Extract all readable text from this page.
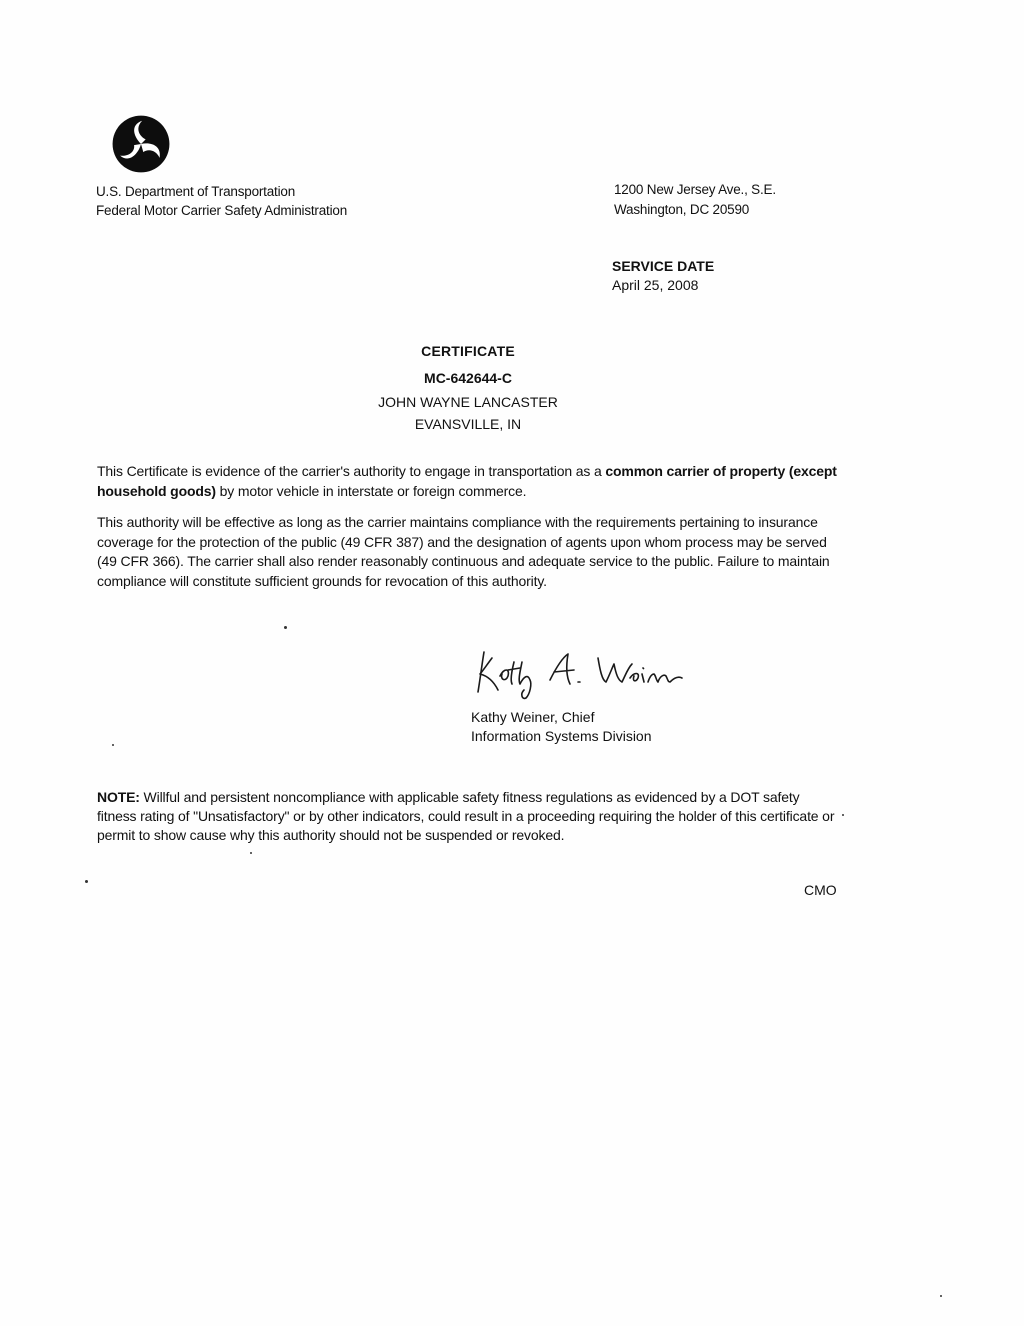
U.S. Department of Transportation
Federal Motor Carrier Safety Administration
1200 New Jersey Ave., S.E.
Washington, DC 20590
SERVICE DATE
April 25, 2008
CERTIFICATE
MC-642644-C
JOHN WAYNE LANCASTER
EVANSVILLE, IN
This Certificate is evidence of the carrier's authority to engage in transportation as a common carrier of property (except household goods) by motor vehicle in interstate or foreign commerce.
This authority will be effective as long as the carrier maintains compliance with the requirements pertaining to insurance coverage for the protection of the public (49 CFR 387) and the designation of agents upon whom process may be served (49 CFR 366). The carrier shall also render reasonably continuous and adequate service to the public. Failure to maintain compliance will constitute sufficient grounds for revocation of this authority.
Kathy Weiner, Chief
Information Systems Division
NOTE: Willful and persistent noncompliance with applicable safety fitness regulations as evidenced by a DOT safety fitness rating of "Unsatisfactory" or by other indicators, could result in a proceeding requiring the holder of this certificate or permit to show cause why this authority should not be suspended or revoked.
CMO
